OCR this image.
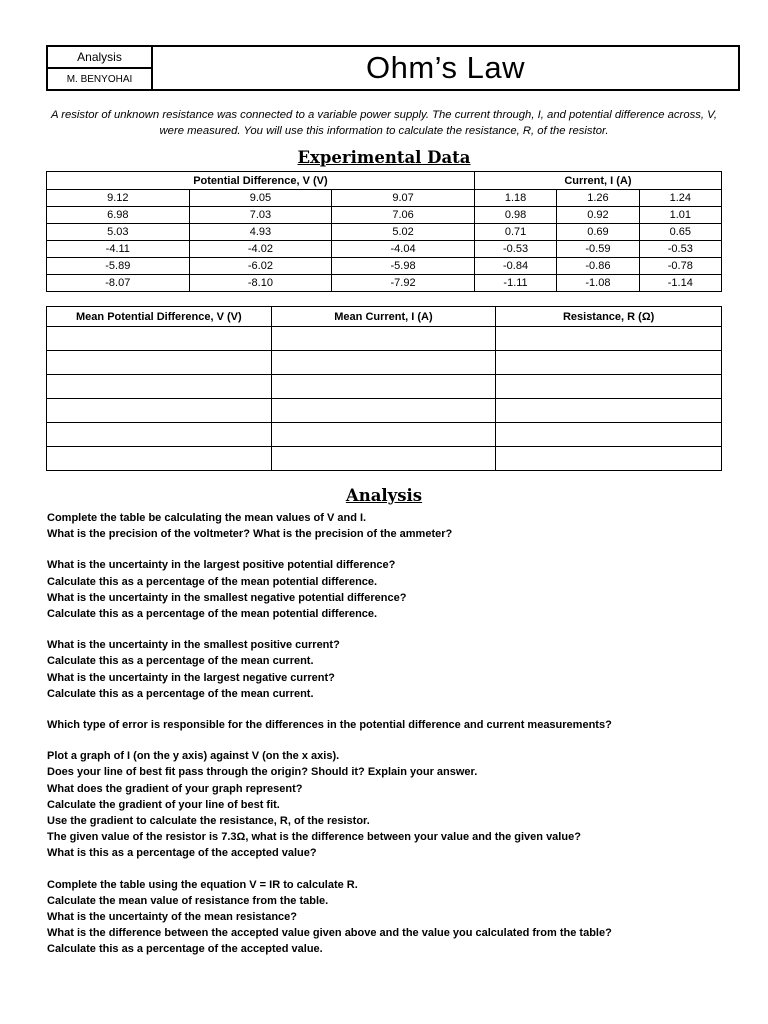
Analysis
M. BENYOHAI	Ohm’s Law
A resistor of unknown resistance was connected to a variable power supply. The current through, I, and potential difference across, V, were measured. You will use this information to calculate the resistance, R, of the resistor.
Experimental Data
Potential Difference, V (V)			Current, I (A)		
9.12	9.05	9.07	1.18	1.26	1.24
6.98	7.03	7.06	0.98	0.92	1.01
5.03	4.93	5.02	0.71	0.69	0.65
-4.11	-4.02	-4.04	-0.53	-0.59	-0.53
-5.89	-6.02	-5.98	-0.84	-0.86	-0.78
-8.07	-8.10	-7.92	-1.11	-1.08	-1.14
Mean Potential Difference, V (V)	Mean Current, I (A)	Resistance, R (Ω)

Analysis

Complete the table be calculating the mean values of V and I.

What is the precision of the voltmeter? What is the precision of the ammeter?

What is the uncertainty in the largest positive potential difference?

Calculate this as a percentage of the mean potential difference.

What is the uncertainty in the smallest negative potential difference?

Calculate this as a percentage of the mean potential difference.

What is the uncertainty in the smallest positive current?

Calculate this as a percentage of the mean current.

What is the uncertainty in the largest negative current?

Calculate this as a percentage of the mean current.

Which type of error is responsible for the differences in the potential difference and current measurements?

Plot a graph of I (on the y axis) against V (on the x axis).

Does your line of best fit pass through the origin? Should it? Explain your answer.

What does the gradient of your graph represent?

Calculate the gradient of your line of best fit.

Use the gradient to calculate the resistance, R, of the resistor.

The given value of the resistor is 7.3Ω, what is the difference between your value and the given value?

What is this as a percentage of the accepted value?

Complete the table using the equation V = IR to calculate R.

Calculate the mean value of resistance from the table.

What is the uncertainty of the mean resistance?

What is the difference between the accepted value given above and the value you calculated from the table?

Calculate this as a percentage of the accepted value.
